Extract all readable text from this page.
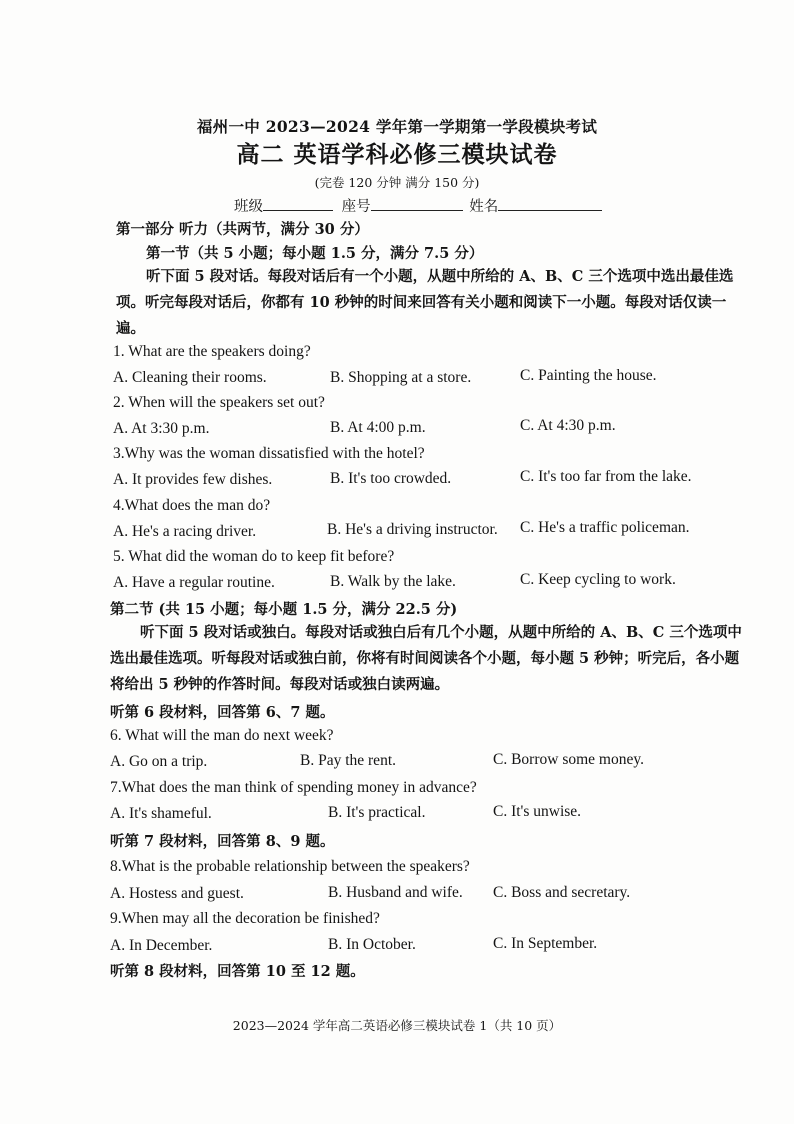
福州一中 2023—2024 学年第一学期第一学段模块考试
高二 英语学科必修三模块试卷
(完卷 120 分钟 满分 150 分)
班级	座号	姓名
第一部分 听力（共两节，满分 30 分）
第一节（共 5 小题；每小题 1.5 分，满分 7.5 分）
听下面 5 段对话。每段对话后有一个小题，从题中所给的 A、B、C 三个选项中选出最佳选项。听完每段对话后，你都有 10 秒钟的时间来回答有关小题和阅读下一小题。每段对话仅读一遍。
1. What are the speakers doing?
A. Cleaning their rooms.	B. Shopping at a store.	C. Painting the house.
2. When will the speakers set out?
A. At 3:30 p.m.	B. At 4:00 p.m.	C. At 4:30 p.m.
3.Why was the woman dissatisfied with the hotel?
A. It provides few dishes.	B. It's too crowded.	C. It's too far from the lake.
4.What does the man do?
A. He's a racing driver.	B. He's a driving instructor. C. He's a traffic policeman.
5. What did the woman do to keep fit before?
A. Have a regular routine.	B. Walk by the lake.	C. Keep cycling to work.
第二节 (共 15 小题；每小题 1.5 分，满分 22.5 分)
听下面 5 段对话或独白。每段对话或独白后有几个小题，从题中所给的 A、B、C 三个选项中选出最佳选项。听每段对话或独白前，你将有时间阅读各个小题，每小题 5 秒钟；听完后，各小题将给出 5 秒钟的作答时间。每段对话或独白读两遍。
听第 6 段材料，回答第 6、7 题。
6. What will the man do next week?
A. Go on a trip.	B. Pay the rent.	C. Borrow some money.
7.What does the man think of spending money in advance?
A. It's shameful.	B. It's practical.	C. It's unwise.
听第 7 段材料，回答第 8、9 题。
8.What is the probable relationship between the speakers?
A. Hostess and guest.	B. Husband and wife. C. Boss and secretary.
9.When may all the decoration be finished?
A. In December.	B. In October.	C. In September.
听第 8 段材料，回答第 10 至 12 题。
2023—2024 学年高二英语必修三模块试卷 1（共 10 页）
